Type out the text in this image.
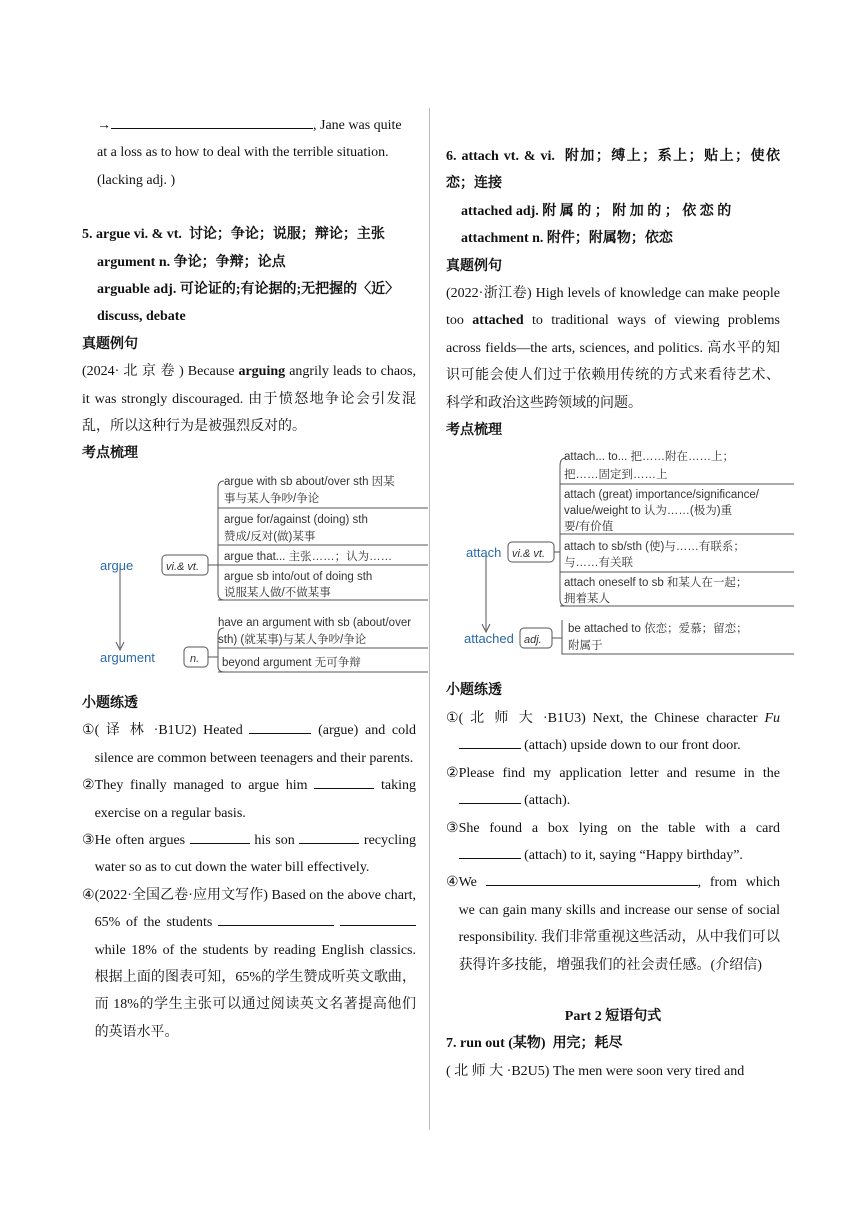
→	, Jane was quite

at a loss as to how to deal with the terrible situation.

(lacking adj. )

5. argue vi. & vt. 讨论；争论；说服；辩论；主张

argument n. 争论；争辩；论点

arguable adj. 可论证的;有论据的;无把握的〈近〉

discuss, debate

真题例句

(2024· 北 京 卷 ) Because arguing angrily leads to chaos, it was strongly discouraged. 由于愤怒地争论会引发混乱，所以这种行为是被强烈反对的。

考点梳理

argue	vi.& vt.
argue with sb about/over sth 因某
事与某人争吵/争论
argue for/against (doing) sth
赞成/反对(做)某事
argue that... 主张……；认为……
argue sb into/out of doing sth
说服某人做/不做某事
argument	n.
have an argument with sb (about/over
sth) (就某事)与某人争吵/争论
beyond argument 无可争辩

小题练透

① ( 译 林 ·B1U2) Heated	(argue) and cold silence are common between teenagers and their parents.

② They finally managed to argue him	taking exercise on a regular basis.

③ He often argues	his son	recycling water so as to cut down the water bill effectively.

④ (2022·全国乙卷·应用文写作) Based on the above chart, 65% of the students   while 18% of the students by reading English classics. 根据上面的图表可知，65%的学生赞成听英文歌曲，而 18%的学生主张可以通过阅读英文名著提高他们的英语水平。

6. attach vt. & vi. 附加；缚上；系上；贴上；使依恋；连接

attached adj. 附 属 的 ； 附 加 的 ； 依 恋 的

attachment n. 附件；附属物；依恋

真题例句

(2022·浙江卷) High levels of knowledge can make people too attached to traditional ways of viewing problems across fields—the arts, sciences, and politics. 高水平的知识可能会使人们过于依赖用传统的方式来看待艺术、科学和政治这些跨领域的问题。

考点梳理

attach vi.& vt.
attach... to... 把……附在……上；
把……固定到……上
attach (great) importance/significance/
value/weight to 认为……(极为)重
要/有价值
attach to sb/sth (使)与……有联系；
与……有关联
attach oneself to sb 和某人在一起；
拥着某人
attached adj.
be attached to 依恋；爱慕；留恋；
附属于

小题练透

① ( 北 师 大 ·B1U3) Next, the Chinese character Fu  (attach) upside down to our front door.

② Please find my application letter and resume in the  (attach).

③ She found a box lying on the table with a card  (attach) to it, saying “Happy birthday”.

④ We	, from which we can gain many skills and increase our sense of social responsibility. 我们非常重视这些活动，从中我们可以获得许多技能，增强我们的社会责任感。(介绍信)

Part 2 短语句式

7. run out (某物) 用完；耗尽

( 北 师 大 ·B2U5) The men were soon very tired and
